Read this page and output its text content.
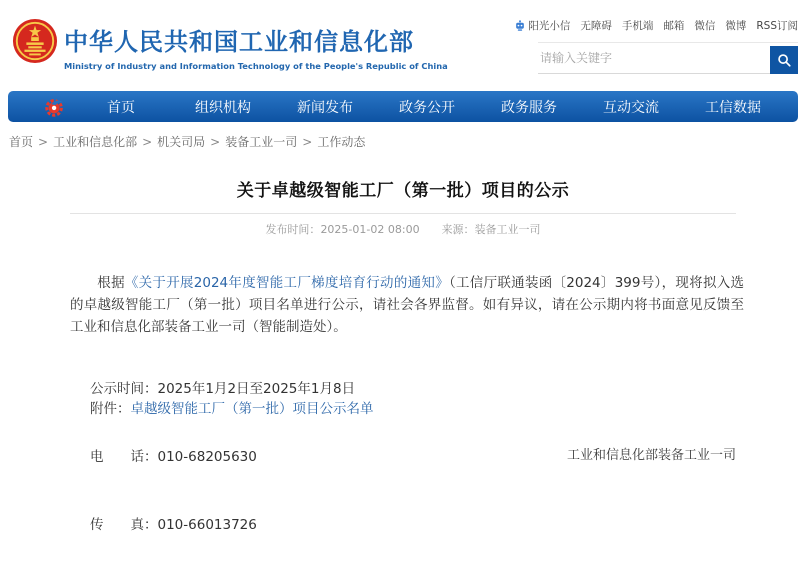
中华人民共和国工业和信息化部
Ministry of Industry and Information Technology of the People's Republic of China
阳光小信 无障碍 手机端 邮箱 微信 微博 RSS订阅
请输入关键字
首页	组织机构	新闻发布	政务公开	政务服务	互动交流	工信数据
首页 > 工业和信息化部 > 机关司局 > 装备工业一司 > 工作动态
关于卓越级智能工厂（第一批）项目的公示
发布时间：2025-01-02 08:00 来源：装备工业一司

根据《关于开展2024年度智能工厂梯度培育行动的通知》（工信厅联通装函〔2024〕399号），现将拟入选的卓越级智能工厂（第一批）项目名单进行公示，请社会各界监督。如有异议，请在公示期内将书面意见反馈至工业和信息化部装备工业一司（智能制造处）。

公示时间：2025年1月2日至2025年1月8日

电　　话：010-68205630

传　　真：010-66013726

附件：卓越级智能工厂（第一批）项目公示名单
工业和信息化部装备工业一司
